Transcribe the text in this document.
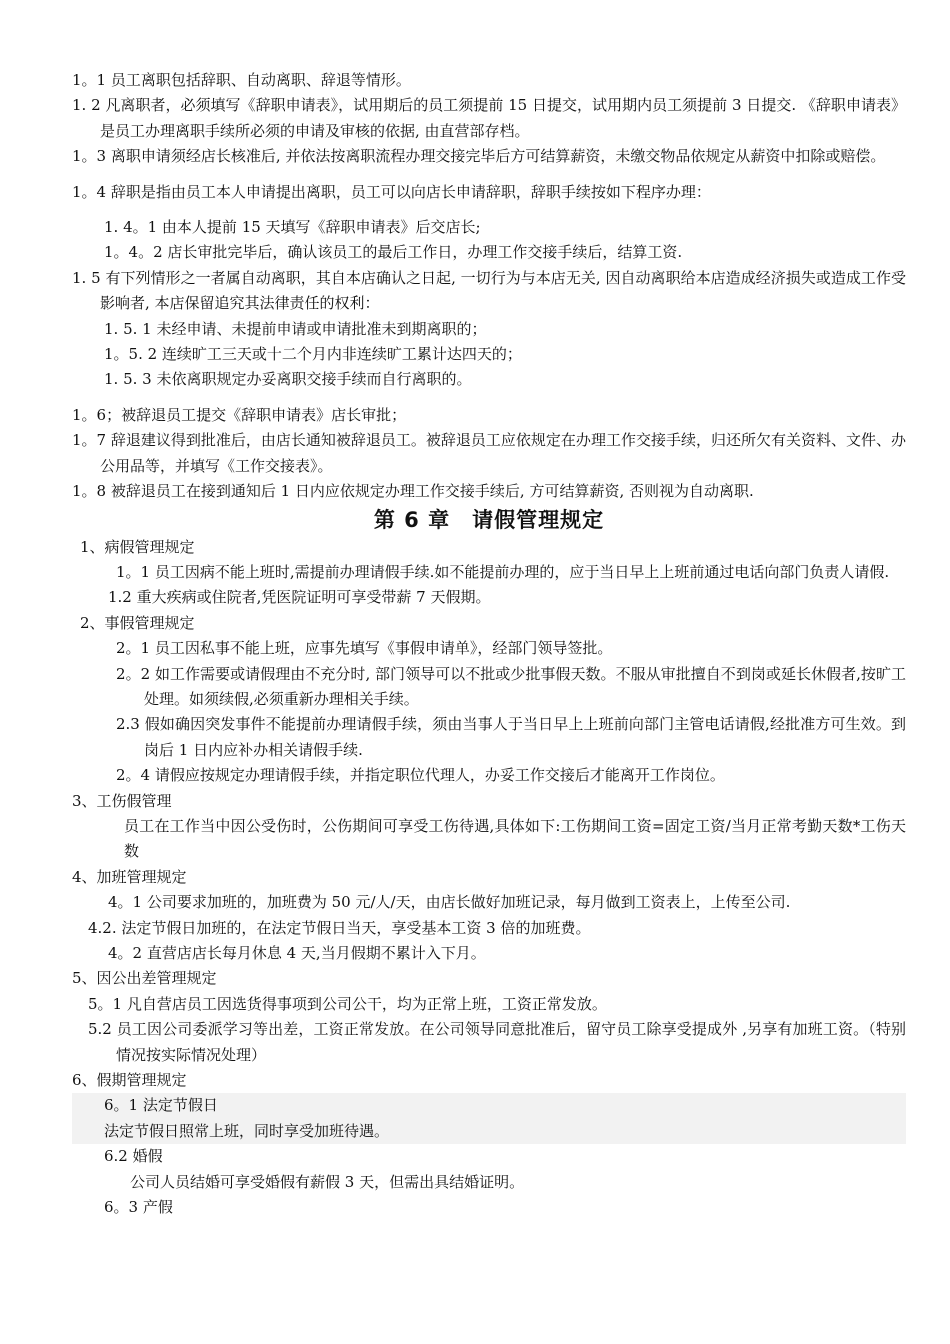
1。1 员工离职包括辞职、自动离职、辞退等情形。

1. 2 凡离职者，必须填写《辞职申请表》，试用期后的员工须提前 15 日提交，试用期内员工须提前 3 日提交. 《辞职申请表》是员工办理离职手续所必须的申请及审核的依据, 由直营部存档。

1。3 离职申请须经店长核准后, 并依法按离职流程办理交接完毕后方可结算薪资，未缴交物品依规定从薪资中扣除或赔偿。

1。4 辞职是指由员工本人申请提出离职，员工可以向店长申请辞职，辞职手续按如下程序办理：

1. 4。1 由本人提前 15 天填写《辞职申请表》后交店长;

1。4。2 店长审批完毕后，确认该员工的最后工作日，办理工作交接手续后，结算工资.

1. 5 有下列情形之一者属自动离职，其自本店确认之日起, 一切行为与本店无关, 因自动离职给本店造成经济损失或造成工作受影响者, 本店保留追究其法律责任的权利：

1. 5. 1 未经申请、未提前申请或申请批准未到期离职的；

1。5. 2 连续旷工三天或十二个月内非连续旷工累计达四天的；

1. 5. 3 未依离职规定办妥离职交接手续而自行离职的。

1。6；被辞退员工提交《辞职申请表》店长审批；

1。7 辞退建议得到批准后，由店长通知被辞退员工。被辞退员工应依规定在办理工作交接手续，归还所欠有关资料、文件、办公用品等，并填写《工作交接表》。

1。8 被辞退员工在接到通知后 1 日内应依规定办理工作交接手续后, 方可结算薪资, 否则视为自动离职.

第 6 章　请假管理规定

1、病假管理规定

1。1 员工因病不能上班时,需提前办理请假手续.如不能提前办理的，应于当日早上上班前通过电话向部门负责人请假.

1.2 重大疾病或住院者,凭医院证明可享受带薪 7 天假期。

2、事假管理规定

2。1 员工因私事不能上班，应事先填写《事假申请单》，经部门领导签批。

2。2 如工作需要或请假理由不充分时, 部门领导可以不批或少批事假天数。不服从审批擅自不到岗或延长休假者,按旷工处理。如须续假,必须重新办理相关手续。

2.3 假如确因突发事件不能提前办理请假手续，须由当事人于当日早上上班前向部门主管电话请假,经批准方可生效。到岗后 1 日内应补办相关请假手续.

2。4 请假应按规定办理请假手续，并指定职位代理人，办妥工作交接后才能离开工作岗位。

3、工伤假管理

员工在工作当中因公受伤时，公伤期间可享受工伤待遇,具体如下:工伤期间工资=固定工资/当月正常考勤天数*工伤天数

4、加班管理规定

4。1 公司要求加班的，加班费为 50 元/人/天，由店长做好加班记录，每月做到工资表上，上传至公司.

4.2. 法定节假日加班的，在法定节假日当天，享受基本工资 3 倍的加班费。

4。2 直营店店长每月休息 4 天,当月假期不累计入下月。

5、因公出差管理规定

5。1 凡自营店员工因选货得事项到公司公干，均为正常上班，工资正常发放。

5.2 员工因公司委派学习等出差，工资正常发放。在公司领导同意批准后，留守员工除享受提成外 ,另享有加班工资。（特别情况按实际情况处理）

6、假期管理规定

6。1 法定节假日

法定节假日照常上班，同时享受加班待遇。

6.2 婚假

公司人员结婚可享受婚假有薪假 3 天，但需出具结婚证明。

6。3 产假
